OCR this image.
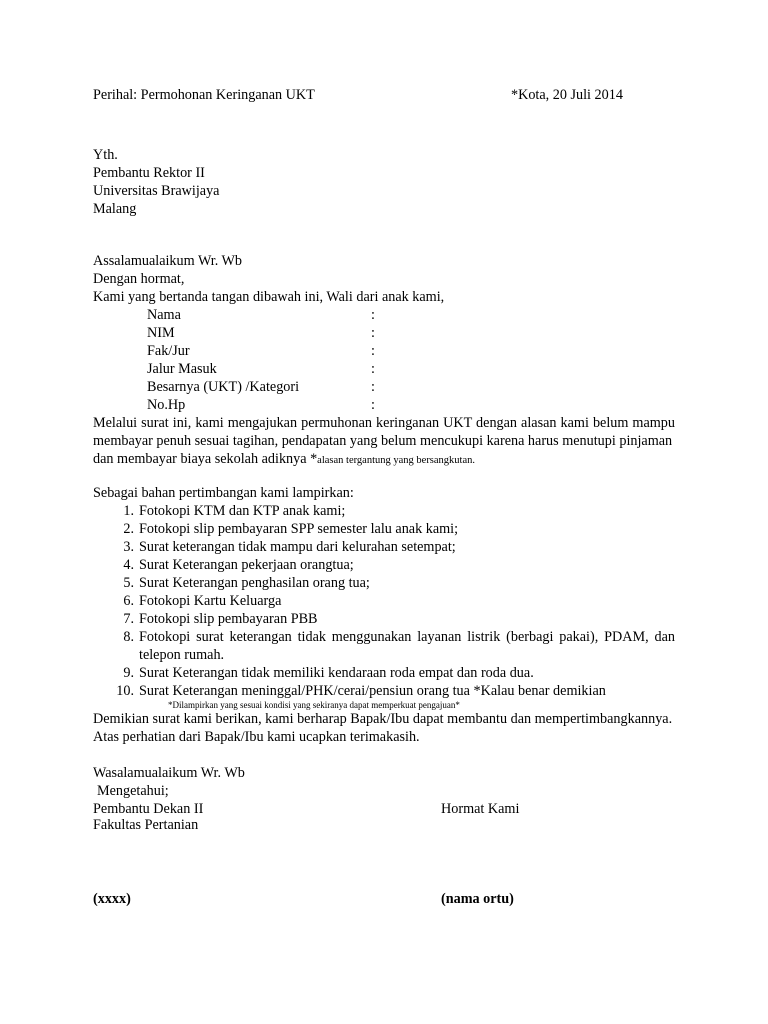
Perihal: Permohonan Keringanan UKT	*Kota, 20 Juli 2014
Yth.
Pembantu Rektor II
Universitas Brawijaya
Malang
Assalamualaikum Wr. Wb
Dengan hormat,
Kami yang bertanda tangan dibawah ini, Wali dari anak kami,
Nama	:
NIM	:
Fak/Jur	:
Jalur Masuk	:
Besarnya (UKT) /Kategori	:
No.Hp	:
Melalui surat ini, kami mengajukan permuhonan keringanan UKT dengan alasan kami belum mampu membayar penuh sesuai tagihan, pendapatan yang belum mencukupi karena harus menutupi pinjaman
dan membayar biaya sekolah adiknya *alasan tergantung yang bersangkutan.
Sebagai bahan pertimbangan kami lampirkan:
1. Fotokopi KTM dan KTP anak kami;
2. Fotokopi slip pembayaran SPP semester lalu anak kami;
3. Surat keterangan tidak mampu dari kelurahan setempat;
4. Surat Keterangan pekerjaan orangtua;
5. Surat Keterangan penghasilan orang tua;
6. Fotokopi Kartu Keluarga
7. Fotokopi slip pembayaran PBB
8. Fotokopi surat keterangan tidak menggunakan layanan listrik (berbagi pakai), PDAM, dan
telepon rumah.
9. Surat Keterangan tidak memiliki kendaraan roda empat dan roda dua.
10. Surat Keterangan meninggal/PHK/cerai/pensiun orang tua *Kalau benar demikian
*Dilampirkan yang sesuai kondisi yang sekiranya dapat memperkuat pengajuan*
Demikian surat kami berikan, kami berharap Bapak/Ibu dapat membantu dan mempertimbangkannya.
Atas perhatian dari Bapak/Ibu kami ucapkan terimakasih.
Wasalamualaikum Wr. Wb
Mengetahui;
Pembantu Dekan II
Fakultas Pertanian
Hormat Kami
(xxxx)	(nama ortu)
